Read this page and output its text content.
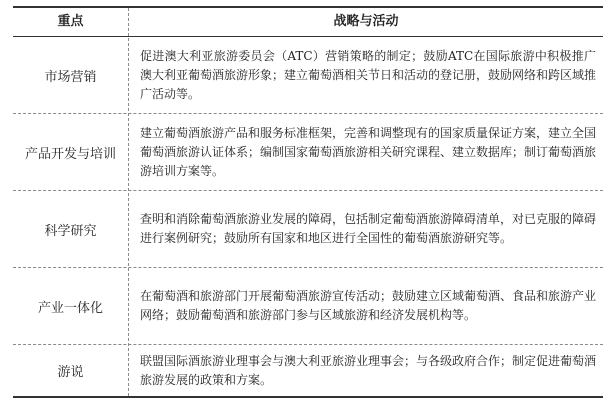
重点	战略与活动
市场营销
促进澳大利亚旅游委员会（ATC）营销策略的制定；鼓励ATC在国际旅游中积极推广澳大利亚葡萄酒旅游形象；建立葡萄酒相关节日和活动的登记册，鼓励网络和跨区域推广活动等。
产品开发与培训
建立葡萄酒旅游产品和服务标准框架，完善和调整现有的国家质量保证方案，建立全国葡萄酒旅游认证体系；编制国家葡萄酒旅游相关研究课程、建立数据库；制订葡萄酒旅游培训方案等。
科学研究
查明和消除葡萄酒旅游业发展的障碍，包括制定葡萄酒旅游障碍清单，对已克服的障碍进行案例研究；鼓励所有国家和地区进行全国性的葡萄酒旅游研究等。
产业一体化
在葡萄酒和旅游部门开展葡萄酒旅游宣传活动；鼓励建立区域葡萄酒、食品和旅游产业网络；鼓励葡萄酒和旅游部门参与区域旅游和经济发展机构等。
游说
联盟国际酒旅游业理事会与澳大利亚旅游业理事会；与各级政府合作；制定促进葡萄酒旅游发展的政策和方案。
